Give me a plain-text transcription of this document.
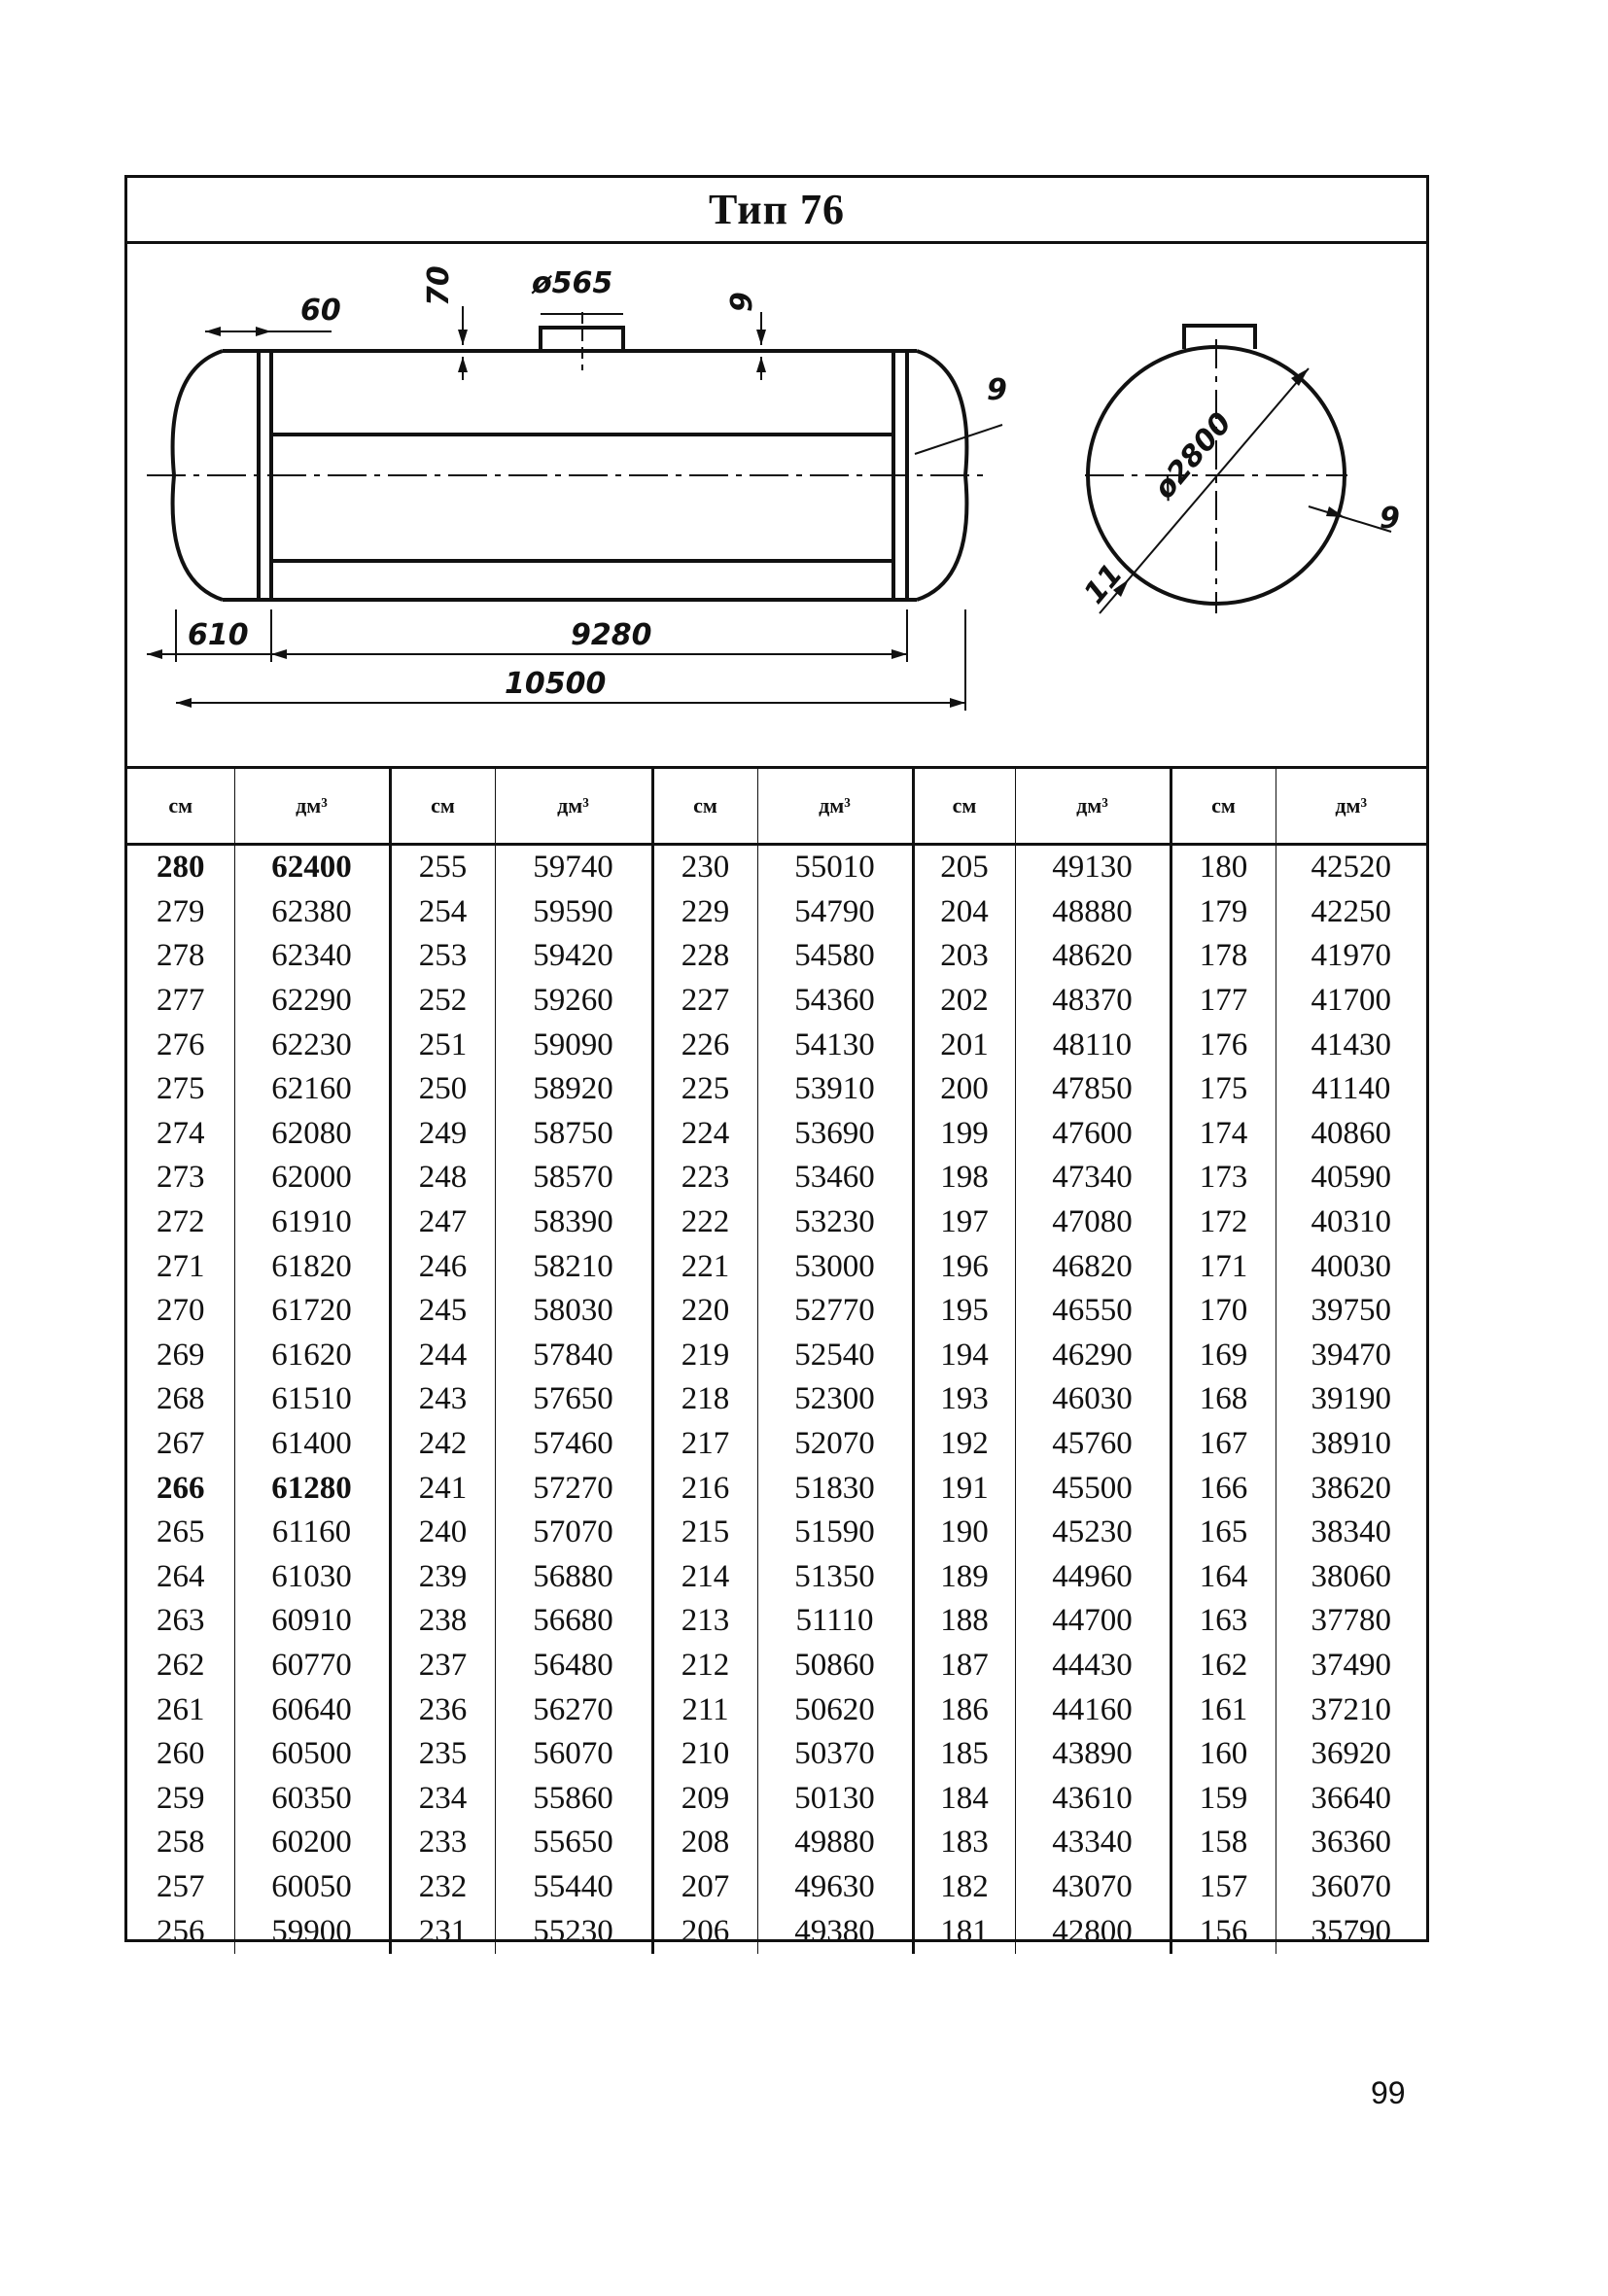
Тип 76
60
70	ø565
9
9
610	9280
10500
ø2800
9
11
см	дм³	см	дм³	см	дм³	см	дм³	см	дм³
280	62400	255	59740	230	55010	205	49130	180	42520
279	62380	254	59590	229	54790	204	48880	179	42250
278	62340	253	59420	228	54580	203	48620	178	41970
277	62290	252	59260	227	54360	202	48370	177	41700
276	62230	251	59090	226	54130	201	48110	176	41430
275	62160	250	58920	225	53910	200	47850	175	41140
274	62080	249	58750	224	53690	199	47600	174	40860
273	62000	248	58570	223	53460	198	47340	173	40590
272	61910	247	58390	222	53230	197	47080	172	40310
271	61820	246	58210	221	53000	196	46820	171	40030
270	61720	245	58030	220	52770	195	46550	170	39750
269	61620	244	57840	219	52540	194	46290	169	39470
268	61510	243	57650	218	52300	193	46030	168	39190
267	61400	242	57460	217	52070	192	45760	167	38910
266	61280	241	57270	216	51830	191	45500	166	38620
265	61160	240	57070	215	51590	190	45230	165	38340
264	61030	239	56880	214	51350	189	44960	164	38060
263	60910	238	56680	213	51110	188	44700	163	37780
262	60770	237	56480	212	50860	187	44430	162	37490
261	60640	236	56270	211	50620	186	44160	161	37210
260	60500	235	56070	210	50370	185	43890	160	36920
259	60350	234	55860	209	50130	184	43610	159	36640
258	60200	233	55650	208	49880	183	43340	158	36360
257	60050	232	55440	207	49630	182	43070	157	36070
256	59900	231	55230	206	49380	181	42800	156	35790
99
